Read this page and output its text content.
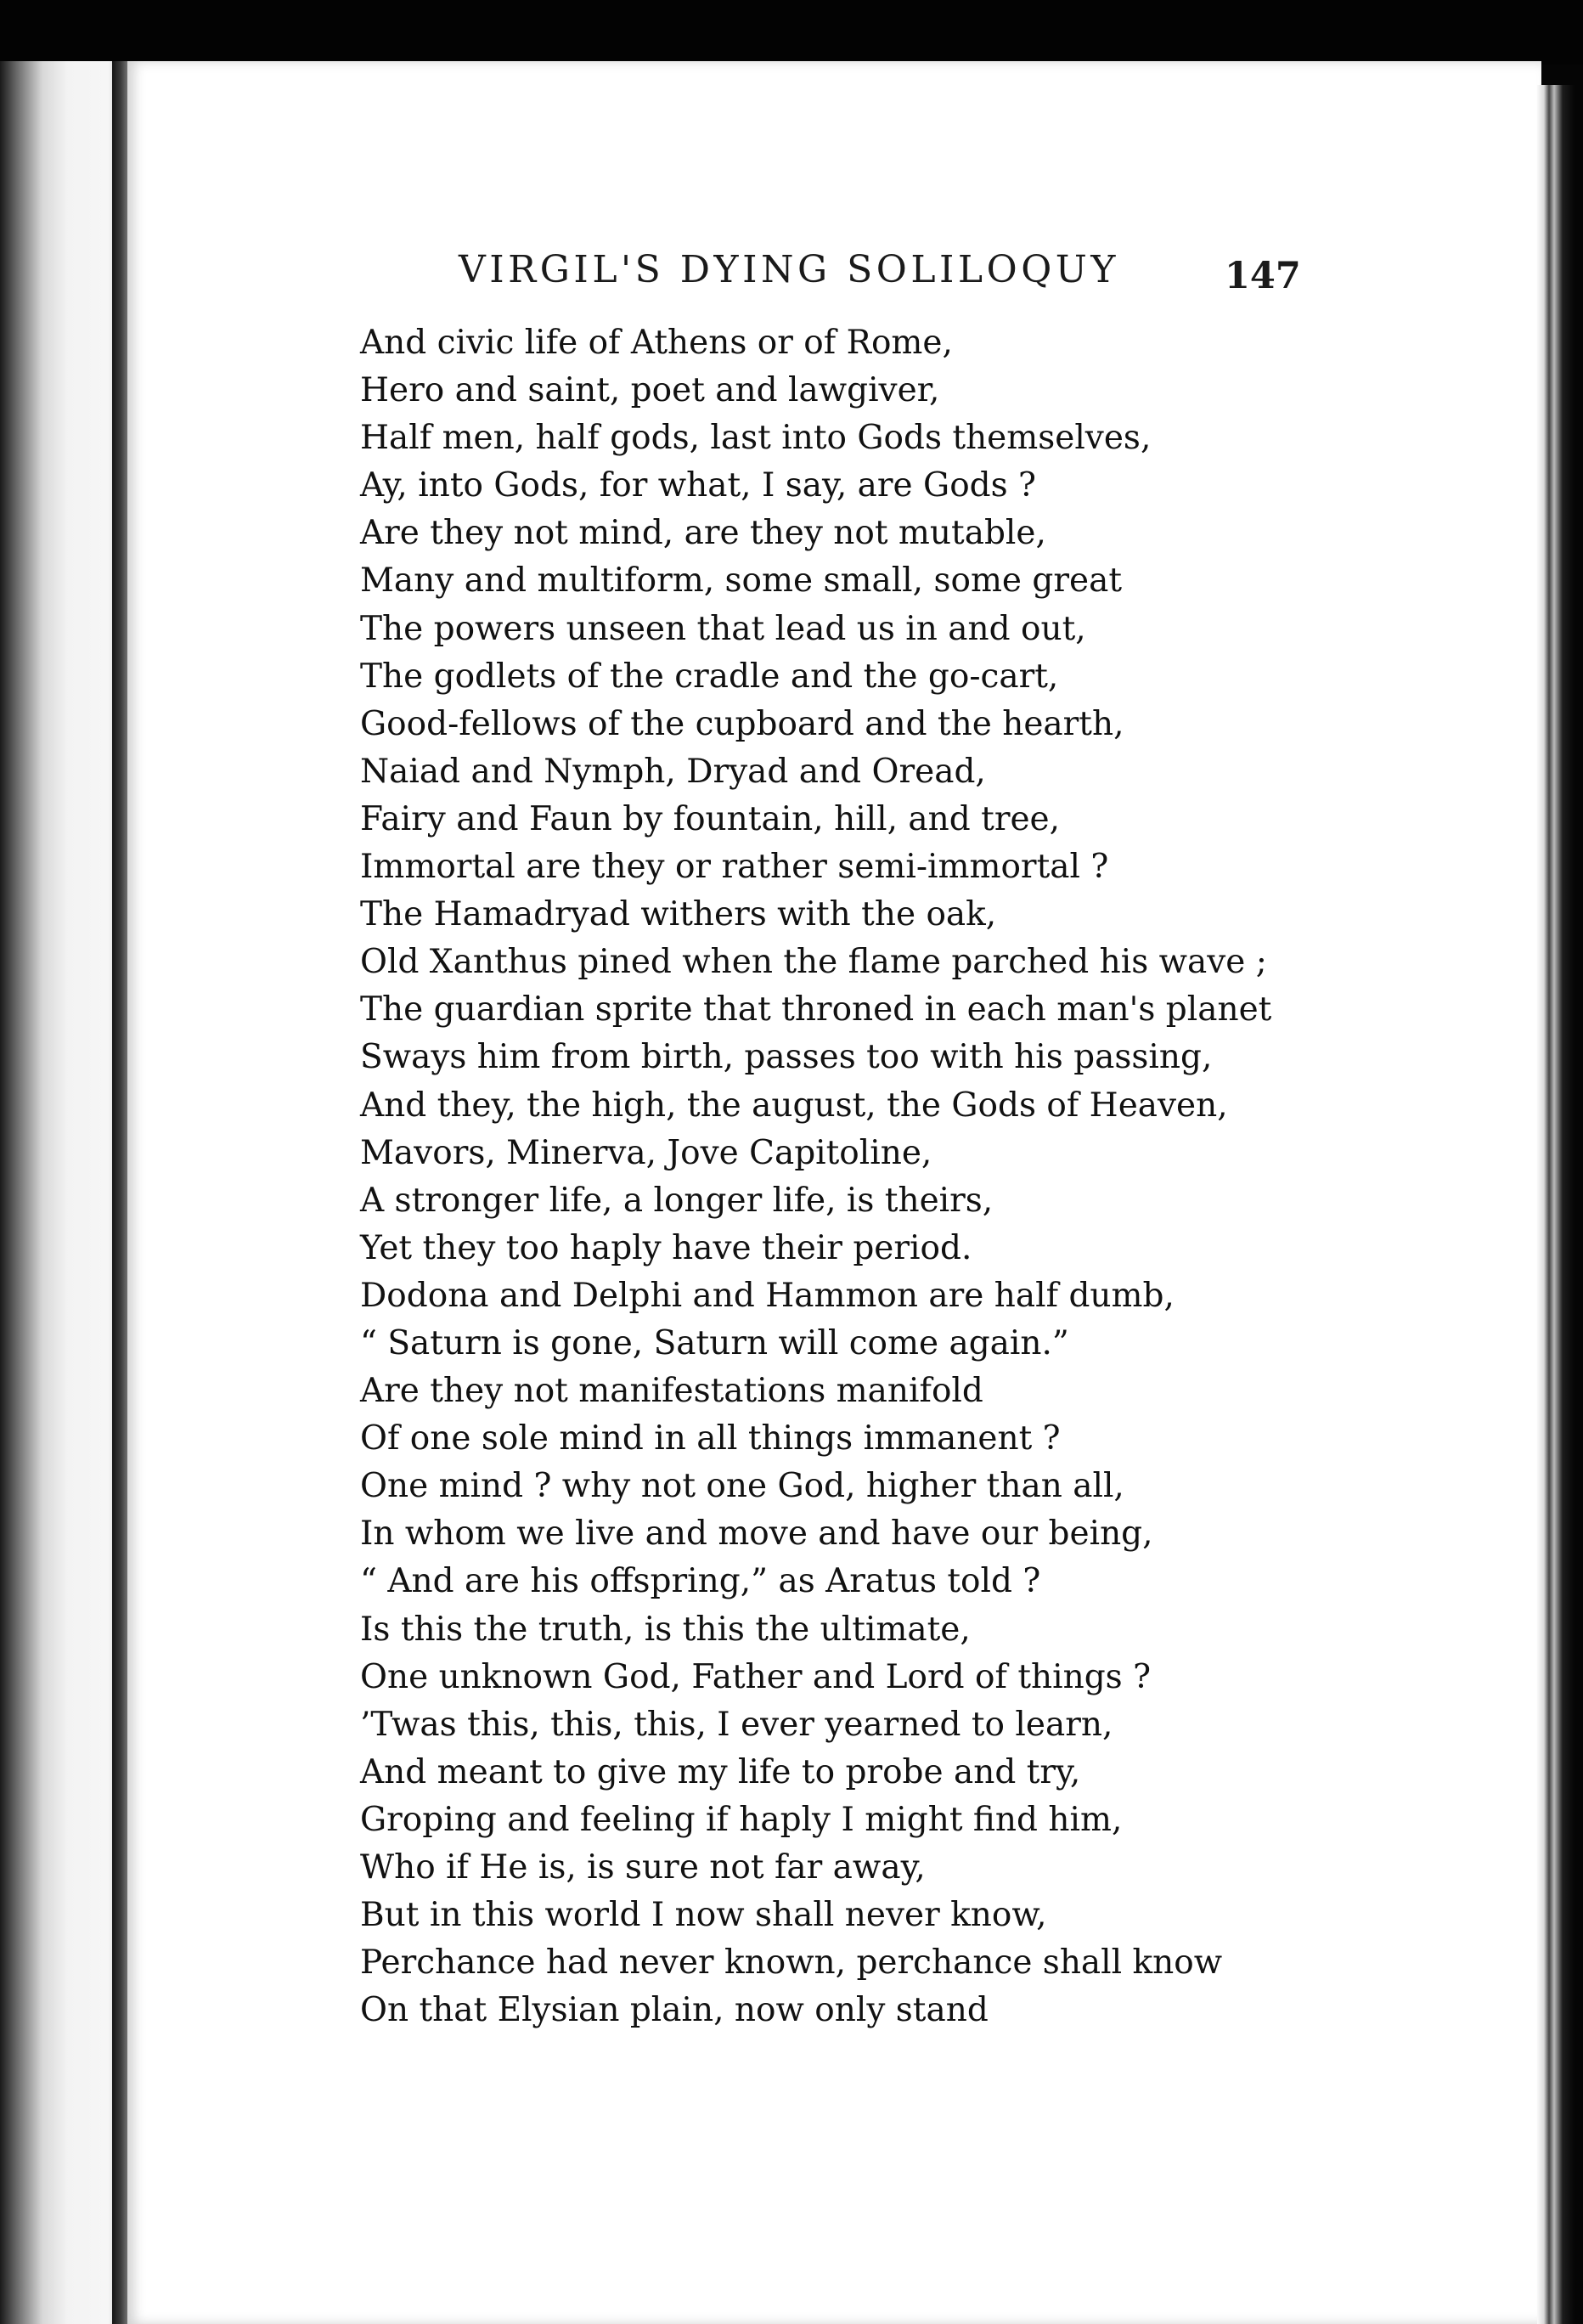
VIRGIL'S DYING SOLILOQUY	147
And civic life of Athens or of Rome,
Hero and saint, poet and lawgiver,
Half men, half gods, last into Gods themselves,
Ay, into Gods, for what, I say, are Gods ?
Are they not mind, are they not mutable,
Many and multiform, some small, some great
The powers unseen that lead us in and out,
The godlets of the cradle and the go-cart,
Good-fellows of the cupboard and the hearth,
Naiad and Nymph, Dryad and Oread,
Fairy and Faun by fountain, hill, and tree,
Immortal are they or rather semi-immortal ?
The Hamadryad withers with the oak,
Old Xanthus pined when the flame parched his wave ;
The guardian sprite that throned in each man's planet
Sways him from birth, passes too with his passing,
And they, the high, the august, the Gods of Heaven,
Mavors, Minerva, Jove Capitoline,
A stronger life, a longer life, is theirs,
Yet they too haply have their period.
Dodona and Delphi and Hammon are half dumb,
“ Saturn is gone, Saturn will come again.”
Are they not manifestations manifold
Of one sole mind in all things immanent ?
One mind ? why not one God, higher than all,
In whom we live and move and have our being,
“ And are his offspring,” as Aratus told ?
Is this the truth, is this the ultimate,
One unknown God, Father and Lord of things ?
’Twas this, this, this, I ever yearned to learn,
And meant to give my life to probe and try,
Groping and feeling if haply I might find him,
Who if He is, is sure not far away,
But in this world I now shall never know,
Perchance had never known, perchance shall know
On that Elysian plain, now only stand
